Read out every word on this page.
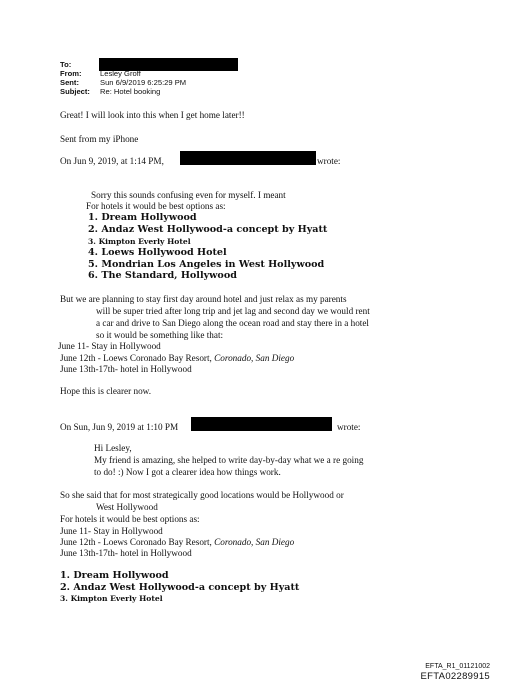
To:
From: Lesley Groff
Sent:	Sun 6/9/2019 6:25:29 PM
Subject: Re: Hotel booking
Great! I will look into this when I get home later!!
Sent from my iPhone
On Jun 9, 2019, at 1:14 PM,	wrote:
Sorry this sounds confusing even for myself. I meant
For hotels it would be best options as:
1. Dream Hollywood
2. Andaz West Hollywood-a concept by Hyatt
3. Kimpton Everly Hotel
4. Loews Hollywood Hotel
5. Mondrian Los Angeles in West Hollywood
6. The Standard, Hollywood
But we are planning to stay first day around hotel and just relax as my parents
will be super tried after long trip and jet lag and second day we would rent
a car and drive to San Diego along the ocean road and stay there in a hotel
so it would be something like that:
June 11- Stay in Hollywood
June 12th - Loews Coronado Bay Resort, Coronado, San Diego
June 13th-17th- hotel in Hollywood
Hope this is clearer now.
On Sun, Jun 9, 2019 at 1:10 PM	wrote:
Hi Lesley,
My friend is amazing, she helped to write day-by-day what we a re going
to do! :) Now I got a clearer idea how things work.
So she said that for most strategically good locations would be Hollywood or
West Hollywood
For hotels it would be best options as:
June 11- Stay in Hollywood
June 12th - Loews Coronado Bay Resort, Coronado, San Diego
June 13th-17th- hotel in Hollywood
1. Dream Hollywood
2. Andaz West Hollywood-a concept by Hyatt
3. Kimpton Everly Hotel
EFTA_R1_01121002
EFTA02289915
